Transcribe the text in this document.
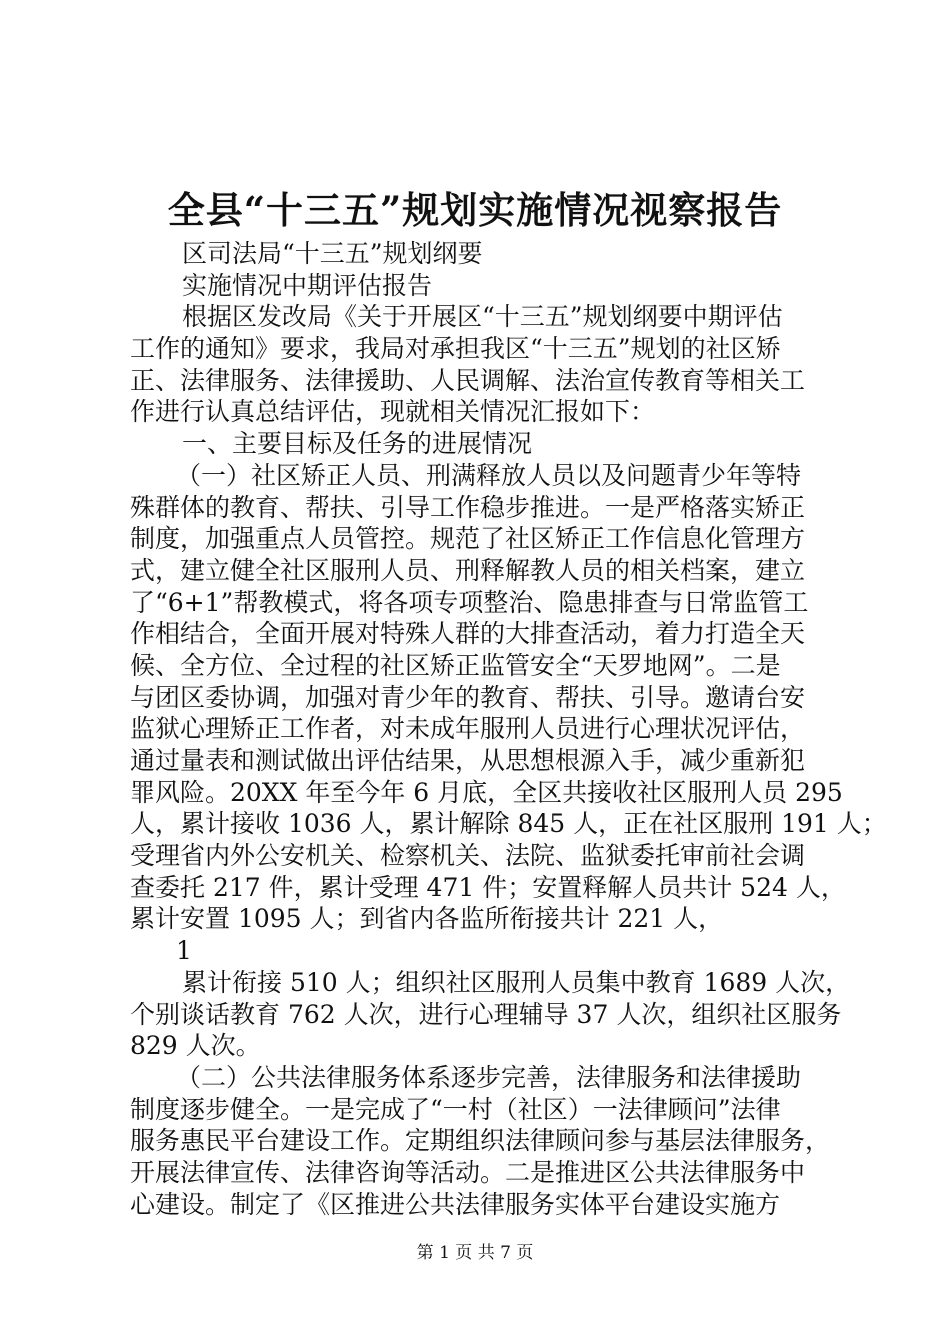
全县“十三五”规划实施情况视察报告
区司法局“十三五”规划纲要
实施情况中期评估报告
根据区发改局《关于开展区“十三五”规划纲要中期评估
工作的通知》要求，我局对承担我区“十三五”规划的社区矫
正、法律服务、法律援助、人民调解、法治宣传教育等相关工
作进行认真总结评估，现就相关情况汇报如下：
一、主要目标及任务的进展情况
（一）社区矫正人员、刑满释放人员以及问题青少年等特
殊群体的教育、帮扶、引导工作稳步推进。一是严格落实矫正
制度，加强重点人员管控。规范了社区矫正工作信息化管理方
式，建立健全社区服刑人员、刑释解教人员的相关档案，建立
了“6+1”帮教模式，将各项专项整治、隐患排查与日常监管工
作相结合，全面开展对特殊人群的大排查活动，着力打造全天
候、全方位、全过程的社区矫正监管安全“天罗地网”。二是
与团区委协调，加强对青少年的教育、帮扶、引导。邀请台安
监狱心理矫正工作者，对未成年服刑人员进行心理状况评估，
通过量表和测试做出评估结果，从思想根源入手，减少重新犯
罪风险。20XX 年至今年 6 月底，全区共接收社区服刑人员 295
人，累计接收 1036 人，累计解除 845 人，正在社区服刑 191 人；
受理省内外公安机关、检察机关、法院、监狱委托审前社会调
查委托 217 件，累计受理 471 件；安置释解人员共计 524 人，
累计安置 1095 人；到省内各监所衔接共计 221 人，
1
累计衔接 510 人；组织社区服刑人员集中教育 1689 人次，
个别谈话教育 762 人次，进行心理辅导 37 人次，组织社区服务
829 人次。
（二）公共法律服务体系逐步完善，法律服务和法律援助
制度逐步健全。一是完成了“一村（社区）一法律顾问”法律
服务惠民平台建设工作。定期组织法律顾问参与基层法律服务，
开展法律宣传、法律咨询等活动。二是推进区公共法律服务中
心建设。制定了《区推进公共法律服务实体平台建设实施方
第 1 页 共 7 页
